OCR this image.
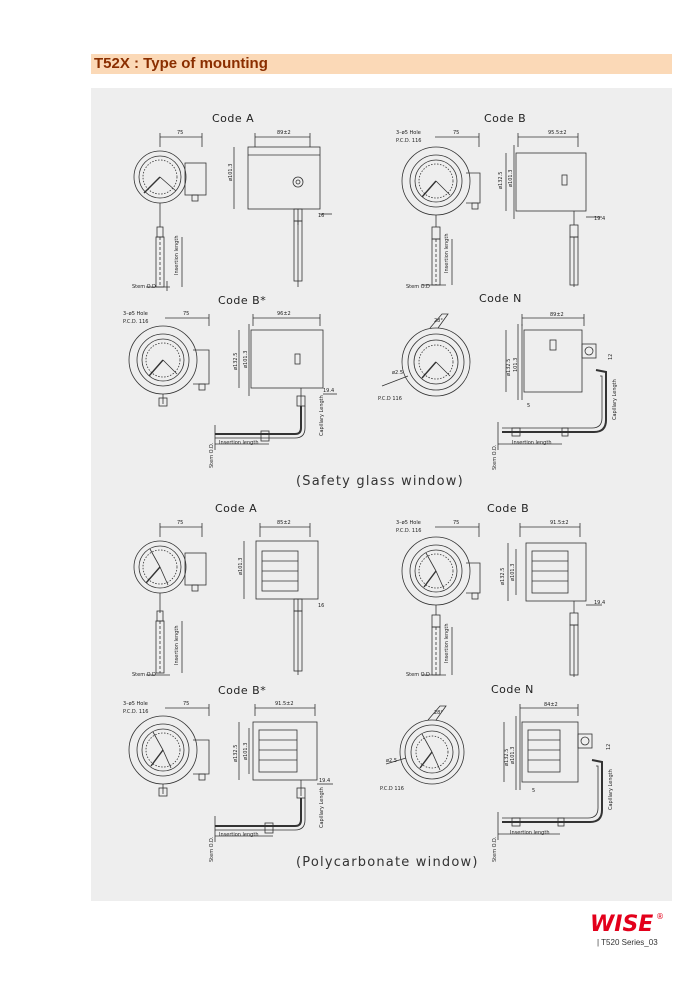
T52X : Type of mounting
Code A	Code B
Code B*	Code N
(Safety glass window)
Code A	Code B
Code B*	Code N
(Polycarbonate window)
75	89±2
ø101.3
16
Stem O.D
Insertion length
3–ø5 Hole
P.C.D. 116
75	95.5±2
ø132.5 ø101.3
19.4
Stem O.D
Insertion length
3–ø5 Hole
P.C.D. 116
75	96±2
ø132.5 ø101.3
19.4
Stem O.D. Insertion length
Capillary Length
28°
ø2.5
P.C.D 116
89±2
ø132.5 101.3
5
12
Stem O.D.
Insertion length
Capillary Length
75	85±2
ø101.3
16
Stem O.D
Insertion length
3–ø5 Hole
P.C.D. 116
75	91.5±2
ø132.5 ø101.3
19.4
Stem O.D
Insertion length
3–ø5 Hole
P.C.D. 116
75	91.5±2
ø132.5 ø101.3
19.4
Stem O.D.
Insertion length
Capillary Length
28°
ø2.5
P.C.D 116
84±2
ø132.5 ø101.3
5
12
Stem O.D.
Insertion length
Capillary Length
WISE ®
| T520 Series_03
